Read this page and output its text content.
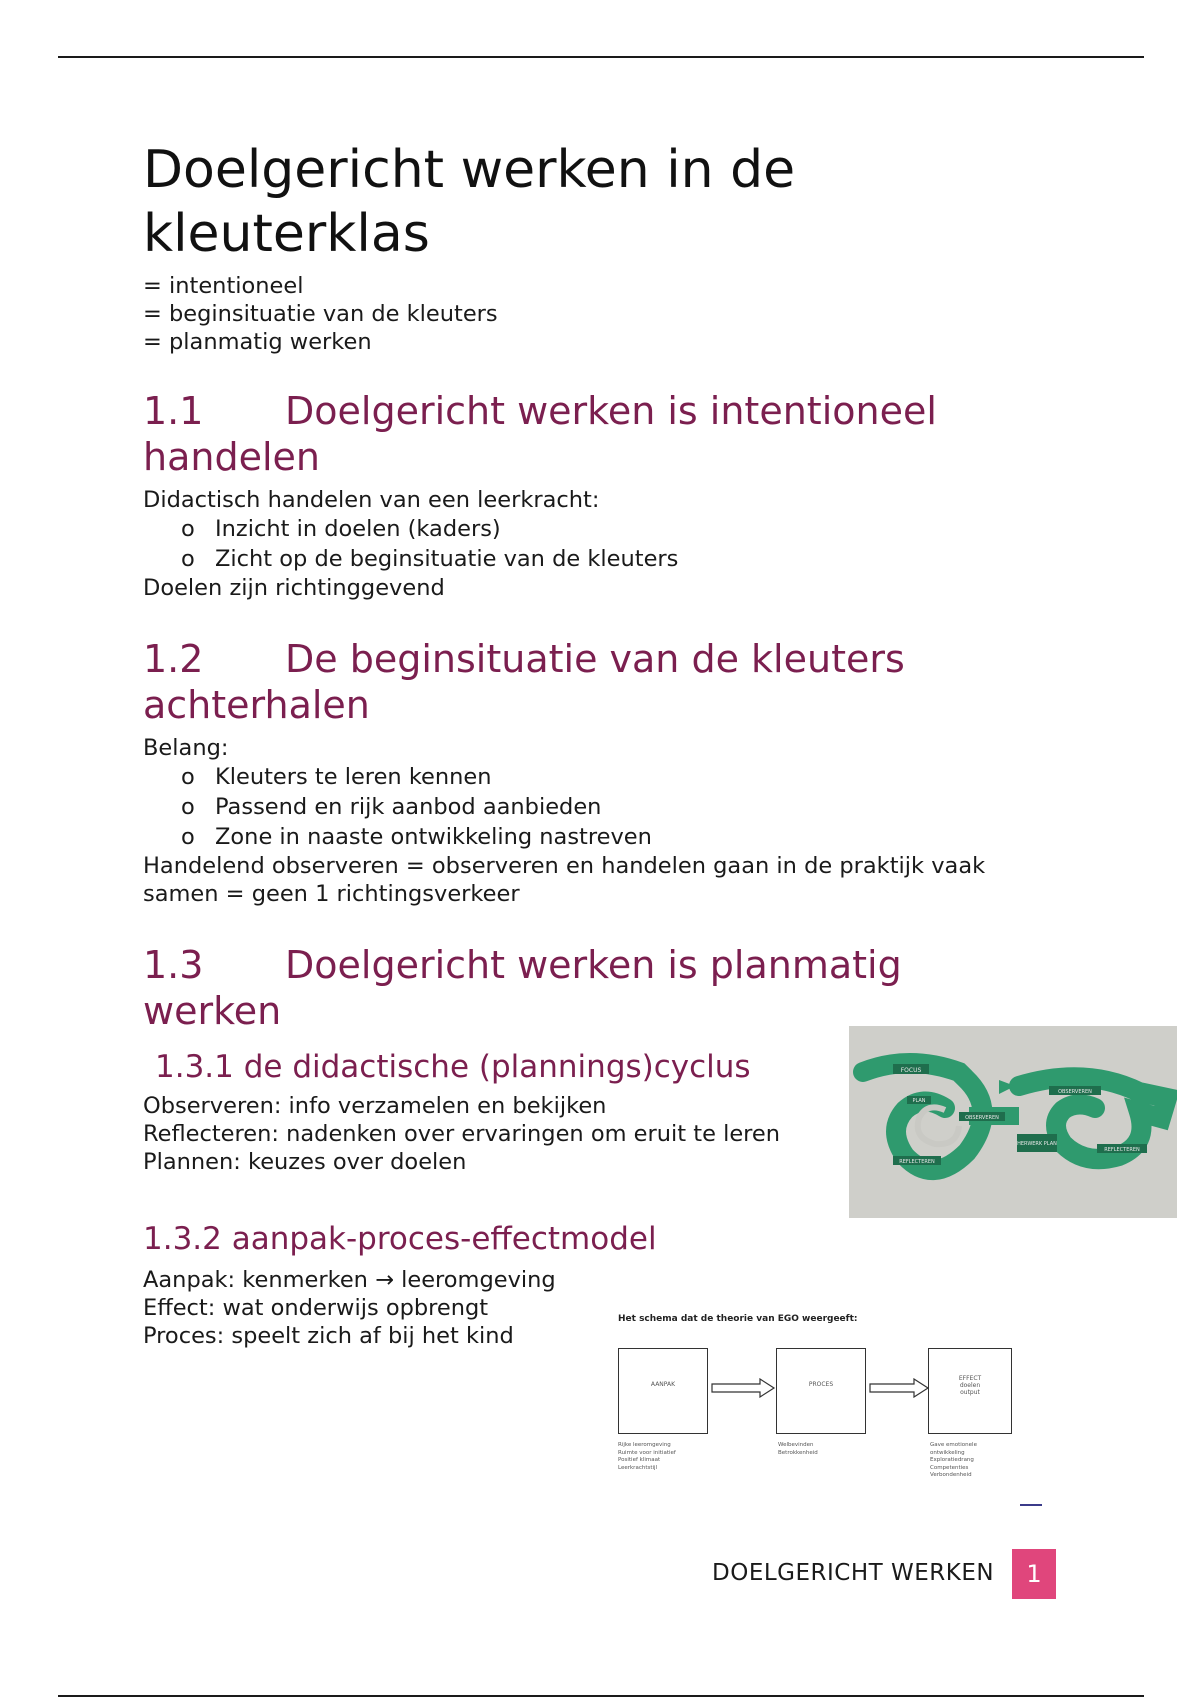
Doelgericht werken in de kleuterklas
= intentioneel
= beginsituatie van de kleuters
= planmatig werken
1.1 Doelgericht werken is intentioneel handelen
Didactisch handelen van een leerkracht:
o Inzicht in doelen (kaders)
o Zicht op de beginsituatie van de kleuters
Doelen zijn richtinggevend
1.2 De beginsituatie van de kleuters achterhalen
Belang:
o Kleuters te leren kennen
o Passend en rijk aanbod aanbieden
o Zone in naaste ontwikkeling nastreven
Handelend observeren = observeren en handelen gaan in de praktijk vaak samen = geen 1 richtingsverkeer
1.3 Doelgericht werken is planmatig werken
1.3.1 de didactische (plannings)cyclus
Observeren: info verzamelen en bekijken
Reflecteren: nadenken over ervaringen om eruit te leren
Plannen: keuzes over doelen
1.3.2 aanpak-proces-effectmodel
Aanpak: kenmerken → leeromgeving
Effect: wat onderwijs opbrengt
Proces: speelt zich af bij het kind
FOCUS
PLAN
OBSERVEREN
REFLECTEREN
OBSERVEREN
HERWERK PLAN
REFLECTEREN
Het schema dat de theorie van EGO weergeeft:
AANPAK	PROCES
EFFECT
doelen
output
Rijke leeromgeving
Ruimte voor initiatief
Positief klimaat
Leerkrachtstijl
Welbevinden
Betrokkenheid
Gave emotionele
ontwikkeling
Exploratiedrang
Competenties
Verbondenheid
DOELGERICHT WERKEN	1
